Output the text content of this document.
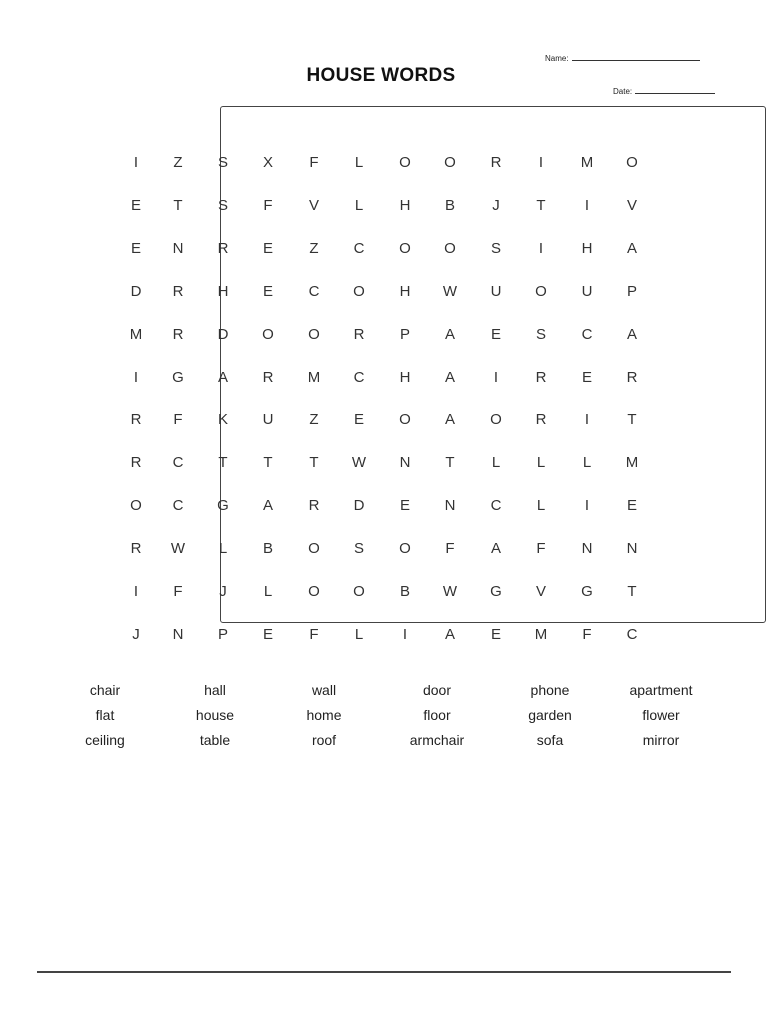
Name:
HOUSE WORDS
Date:
I	Z	S	X	F	L	O	O	R	I	M	O
E	T	S	F	V	L	H	B	J	T	I	V
E	N	R	E	Z	C	O	O	S	I	H	A
D	R	H	E	C	O	H	W	U	O	U	P
M	R	D	O	O	R	P	A	E	S	C	A
I	G	A	R	M	C	H	A	I	R	E	R
R	F	K	U	Z	E	O	A	O	R	I	T
R	C	T	T	T	W	N	T	L	L	L	M
O	C	G	A	R	D	E	N	C	L	I	E
R	W	L	B	O	S	O	F	A	F	N	N
I	F	J	L	O	O	B	W	G	V	G	T
J	N	P	E	F	L	I	A	E	M	F	C
chair	hall	wall	door	phone	apartment
flat	house	home	floor	garden	flower
ceiling	table	roof	armchair	sofa	mirror
